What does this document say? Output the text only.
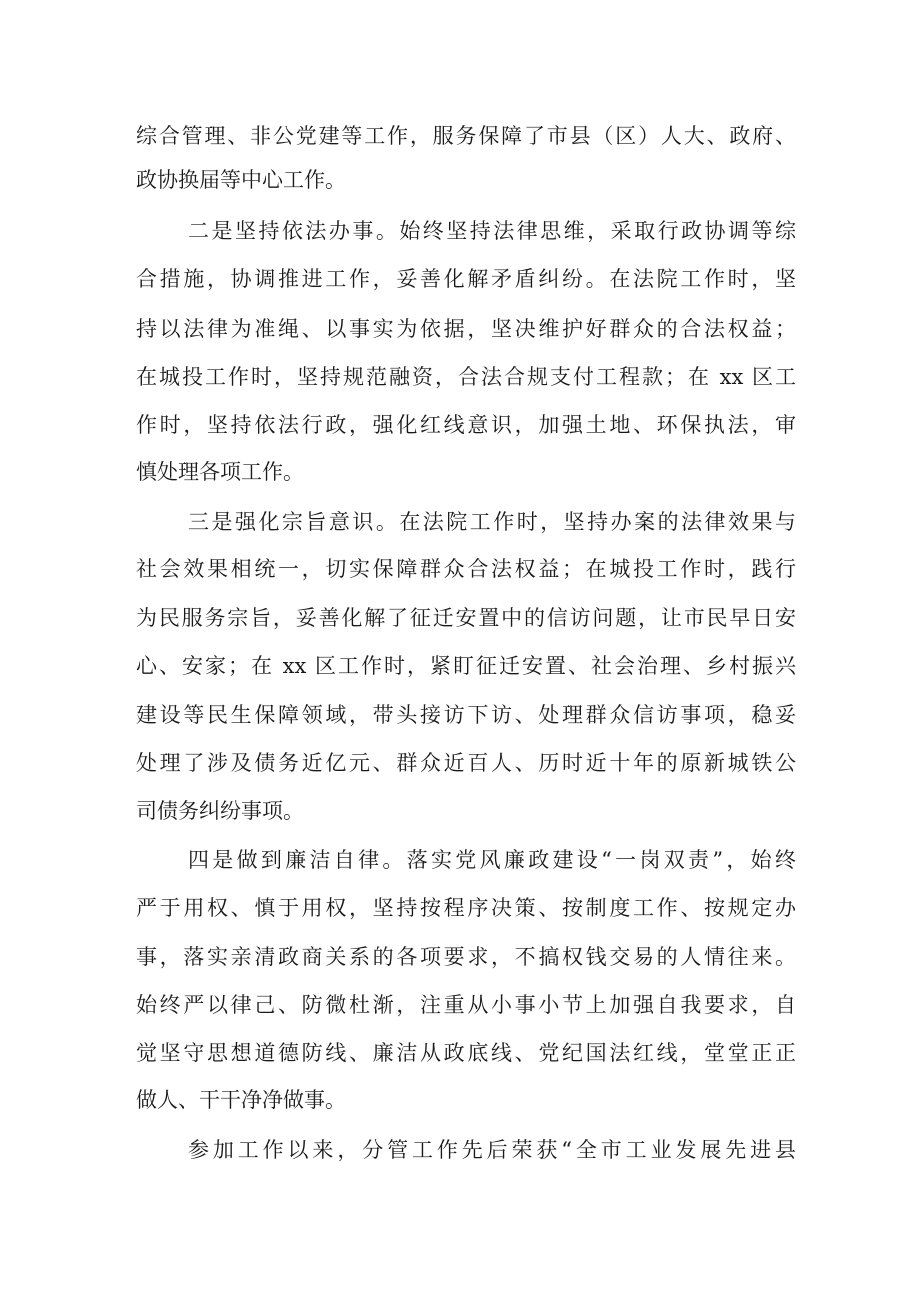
综合管理、非公党建等工作，服务保障了市县（区）人大、政府、
政协换届等中心工作。
二是坚持依法办事。始终坚持法律思维，采取行政协调等综
合措施，协调推进工作，妥善化解矛盾纠纷。在法院工作时，坚
持以法律为准绳、以事实为依据，坚决维护好群众的合法权益；
在城投工作时，坚持规范融资，合法合规支付工程款；在 xx 区工
作时，坚持依法行政，强化红线意识，加强土地、环保执法，审
慎处理各项工作。
三是强化宗旨意识。在法院工作时，坚持办案的法律效果与
社会效果相统一，切实保障群众合法权益；在城投工作时，践行
为民服务宗旨，妥善化解了征迁安置中的信访问题，让市民早日安
心、安家；在 xx 区工作时，紧盯征迁安置、社会治理、乡村振兴
建设等民生保障领域，带头接访下访、处理群众信访事项，稳妥
处理了涉及债务近亿元、群众近百人、历时近十年的原新城铁公
司债务纠纷事项。
四是做到廉洁自律。落实党风廉政建设“一岗双责”，始终
严于用权、慎于用权，坚持按程序决策、按制度工作、按规定办
事，落实亲清政商关系的各项要求，不搞权钱交易的人情往来。
始终严以律己、防微杜渐，注重从小事小节上加强自我要求，自
觉坚守思想道德防线、廉洁从政底线、党纪国法红线，堂堂正正
做人、干干净净做事。
参加工作以来，分管工作先后荣获“全市工业发展先进县
